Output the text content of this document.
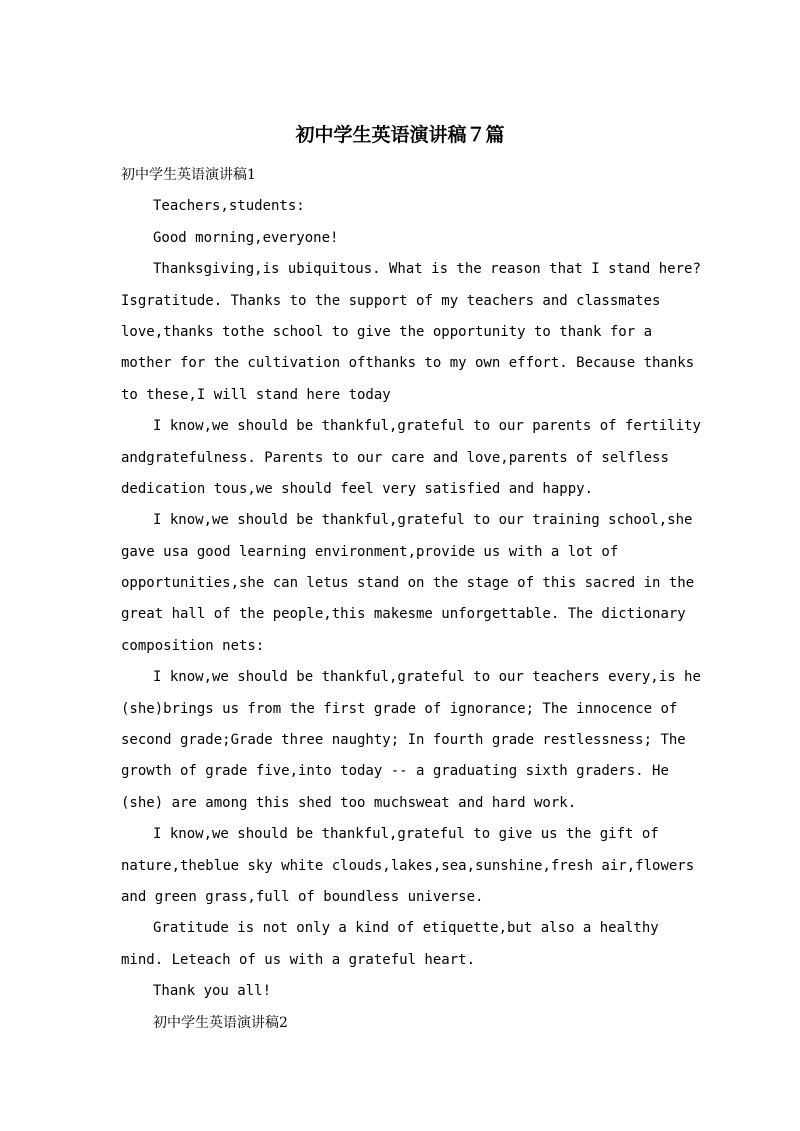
初中学生英语演讲稿７篇
初中学生英语演讲稿1
Teachers,students:
Good morning,everyone!
Thanksgiving,is ubiquitous. What is the reason that I stand here?
Isgratitude. Thanks to the support of my teachers and classmates
love,thanks tothe school to give the opportunity to thank for a
mother for the cultivation ofthanks to my own effort. Because thanks
to these,I will stand here today
I know,we should be thankful,grateful to our parents of fertility
andgratefulness. Parents to our care and love,parents of selfless
dedication tous,we should feel very satisfied and happy.
I know,we should be thankful,grateful to our training school,she
gave usa good learning environment,provide us with a lot of
opportunities,she can letus stand on the stage of this sacred in the
great hall of the people,this makesme unforgettable. The dictionary
composition nets:
I know,we should be thankful,grateful to our teachers every,is he
(she)brings us from the first grade of ignorance; The innocence of
second grade;Grade three naughty; In fourth grade restlessness; The
growth of grade five,into today -- a graduating sixth graders. He
(she) are among this shed too muchsweat and hard work.
I know,we should be thankful,grateful to give us the gift of
nature,theblue sky white clouds,lakes,sea,sunshine,fresh air,flowers
and green grass,full of boundless universe.
Gratitude is not only a kind of etiquette,but also a healthy
mind. Leteach of us with a grateful heart.
Thank you all!
初中学生英语演讲稿2
